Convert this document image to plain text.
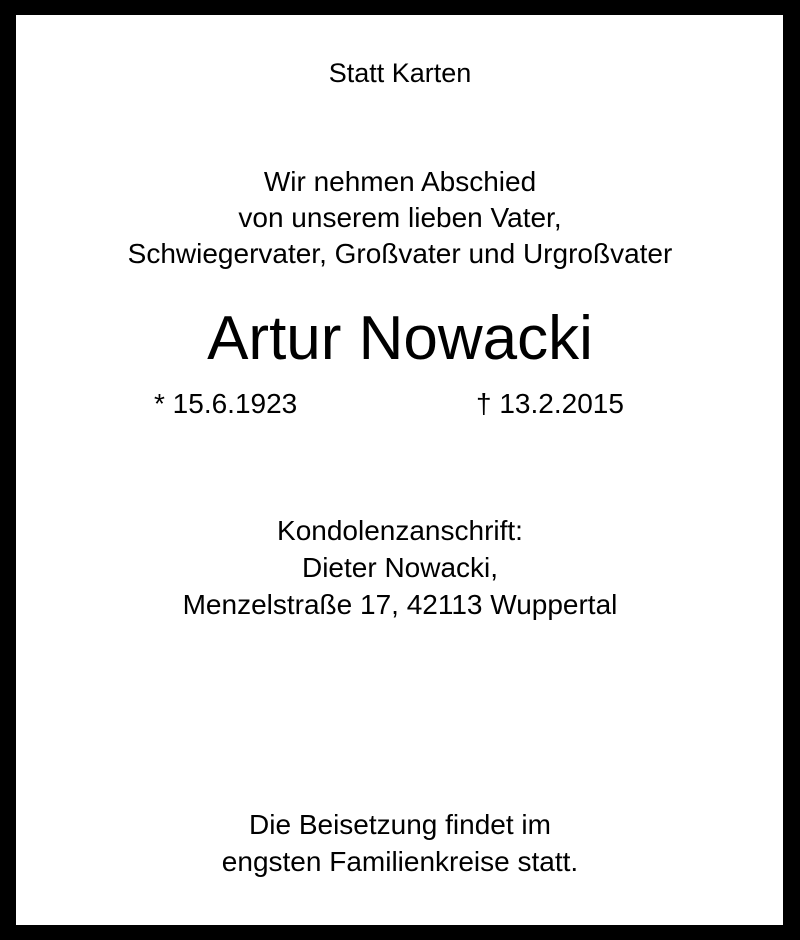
Statt Karten
Wir nehmen Abschied
von unserem lieben Vater,
Schwiegervater, Großvater und Urgroßvater
Artur Nowacki
* 15.6.1923	† 13.2.2015
Kondolenzanschrift:
Dieter Nowacki,
Menzelstraße 17, 42113 Wuppertal
Die Beisetzung findet im
engsten Familienkreise statt.
